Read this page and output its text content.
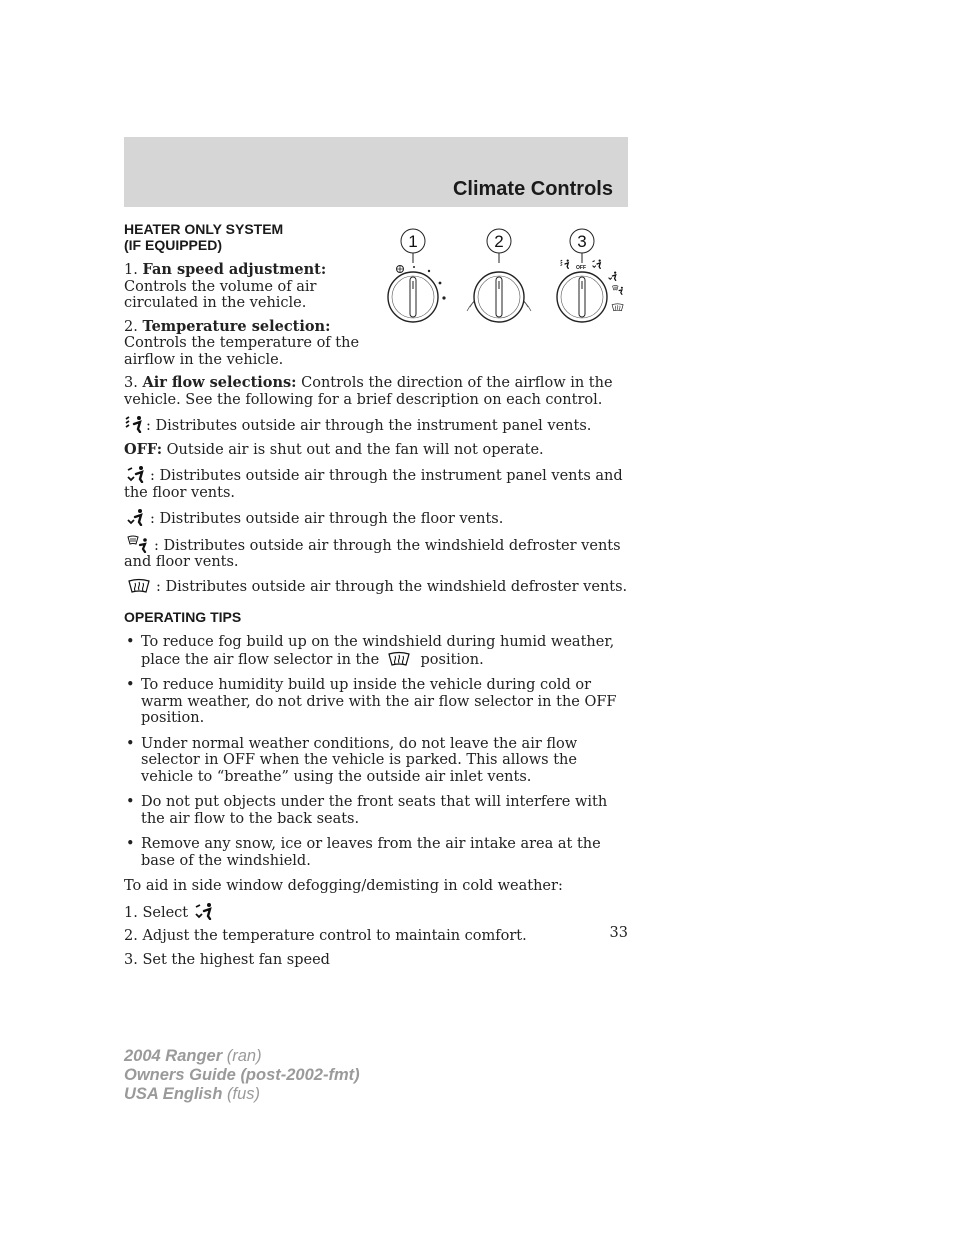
Climate Controls
1	2	3
OFF
HEATER ONLY SYSTEM
(IF EQUIPPED)

1. Fan speed adjustment: Controls the volume of air circulated in the vehicle.

2. Temperature selection: Controls the temperature of the airflow in the vehicle.

3. Air flow selections: Controls the direction of the airflow in the vehicle. See the following for a brief description on each control.

: Distributes outside air through the instrument panel vents.

OFF: Outside air is shut out and the fan will not operate.

: Distributes outside air through the instrument panel vents and the floor vents.

: Distributes outside air through the floor vents.

: Distributes outside air through the windshield defroster vents and floor vents.

: Distributes outside air through the windshield defroster vents.

OPERATING TIPS
• To reduce fog build up on the windshield during humid weather, place the air flow selector in the	position.
• To reduce humidity build up inside the vehicle during cold or warm weather, do not drive with the air flow selector in the OFF position.
• Under normal weather conditions, do not leave the air flow selector in OFF when the vehicle is parked. This allows the vehicle to “breathe” using the outside air inlet vents.
• Do not put objects under the front seats that will interfere with the air flow to the back seats.
• Remove any snow, ice or leaves from the air intake area at the base of the windshield.

To aid in side window defogging/demisting in cold weather:

1. Select

2. Adjust the temperature control to maintain comfort.

3. Set the highest fan speed

33
2004 Ranger (ran)
Owners Guide (post-2002-fmt)
USA English (fus)
